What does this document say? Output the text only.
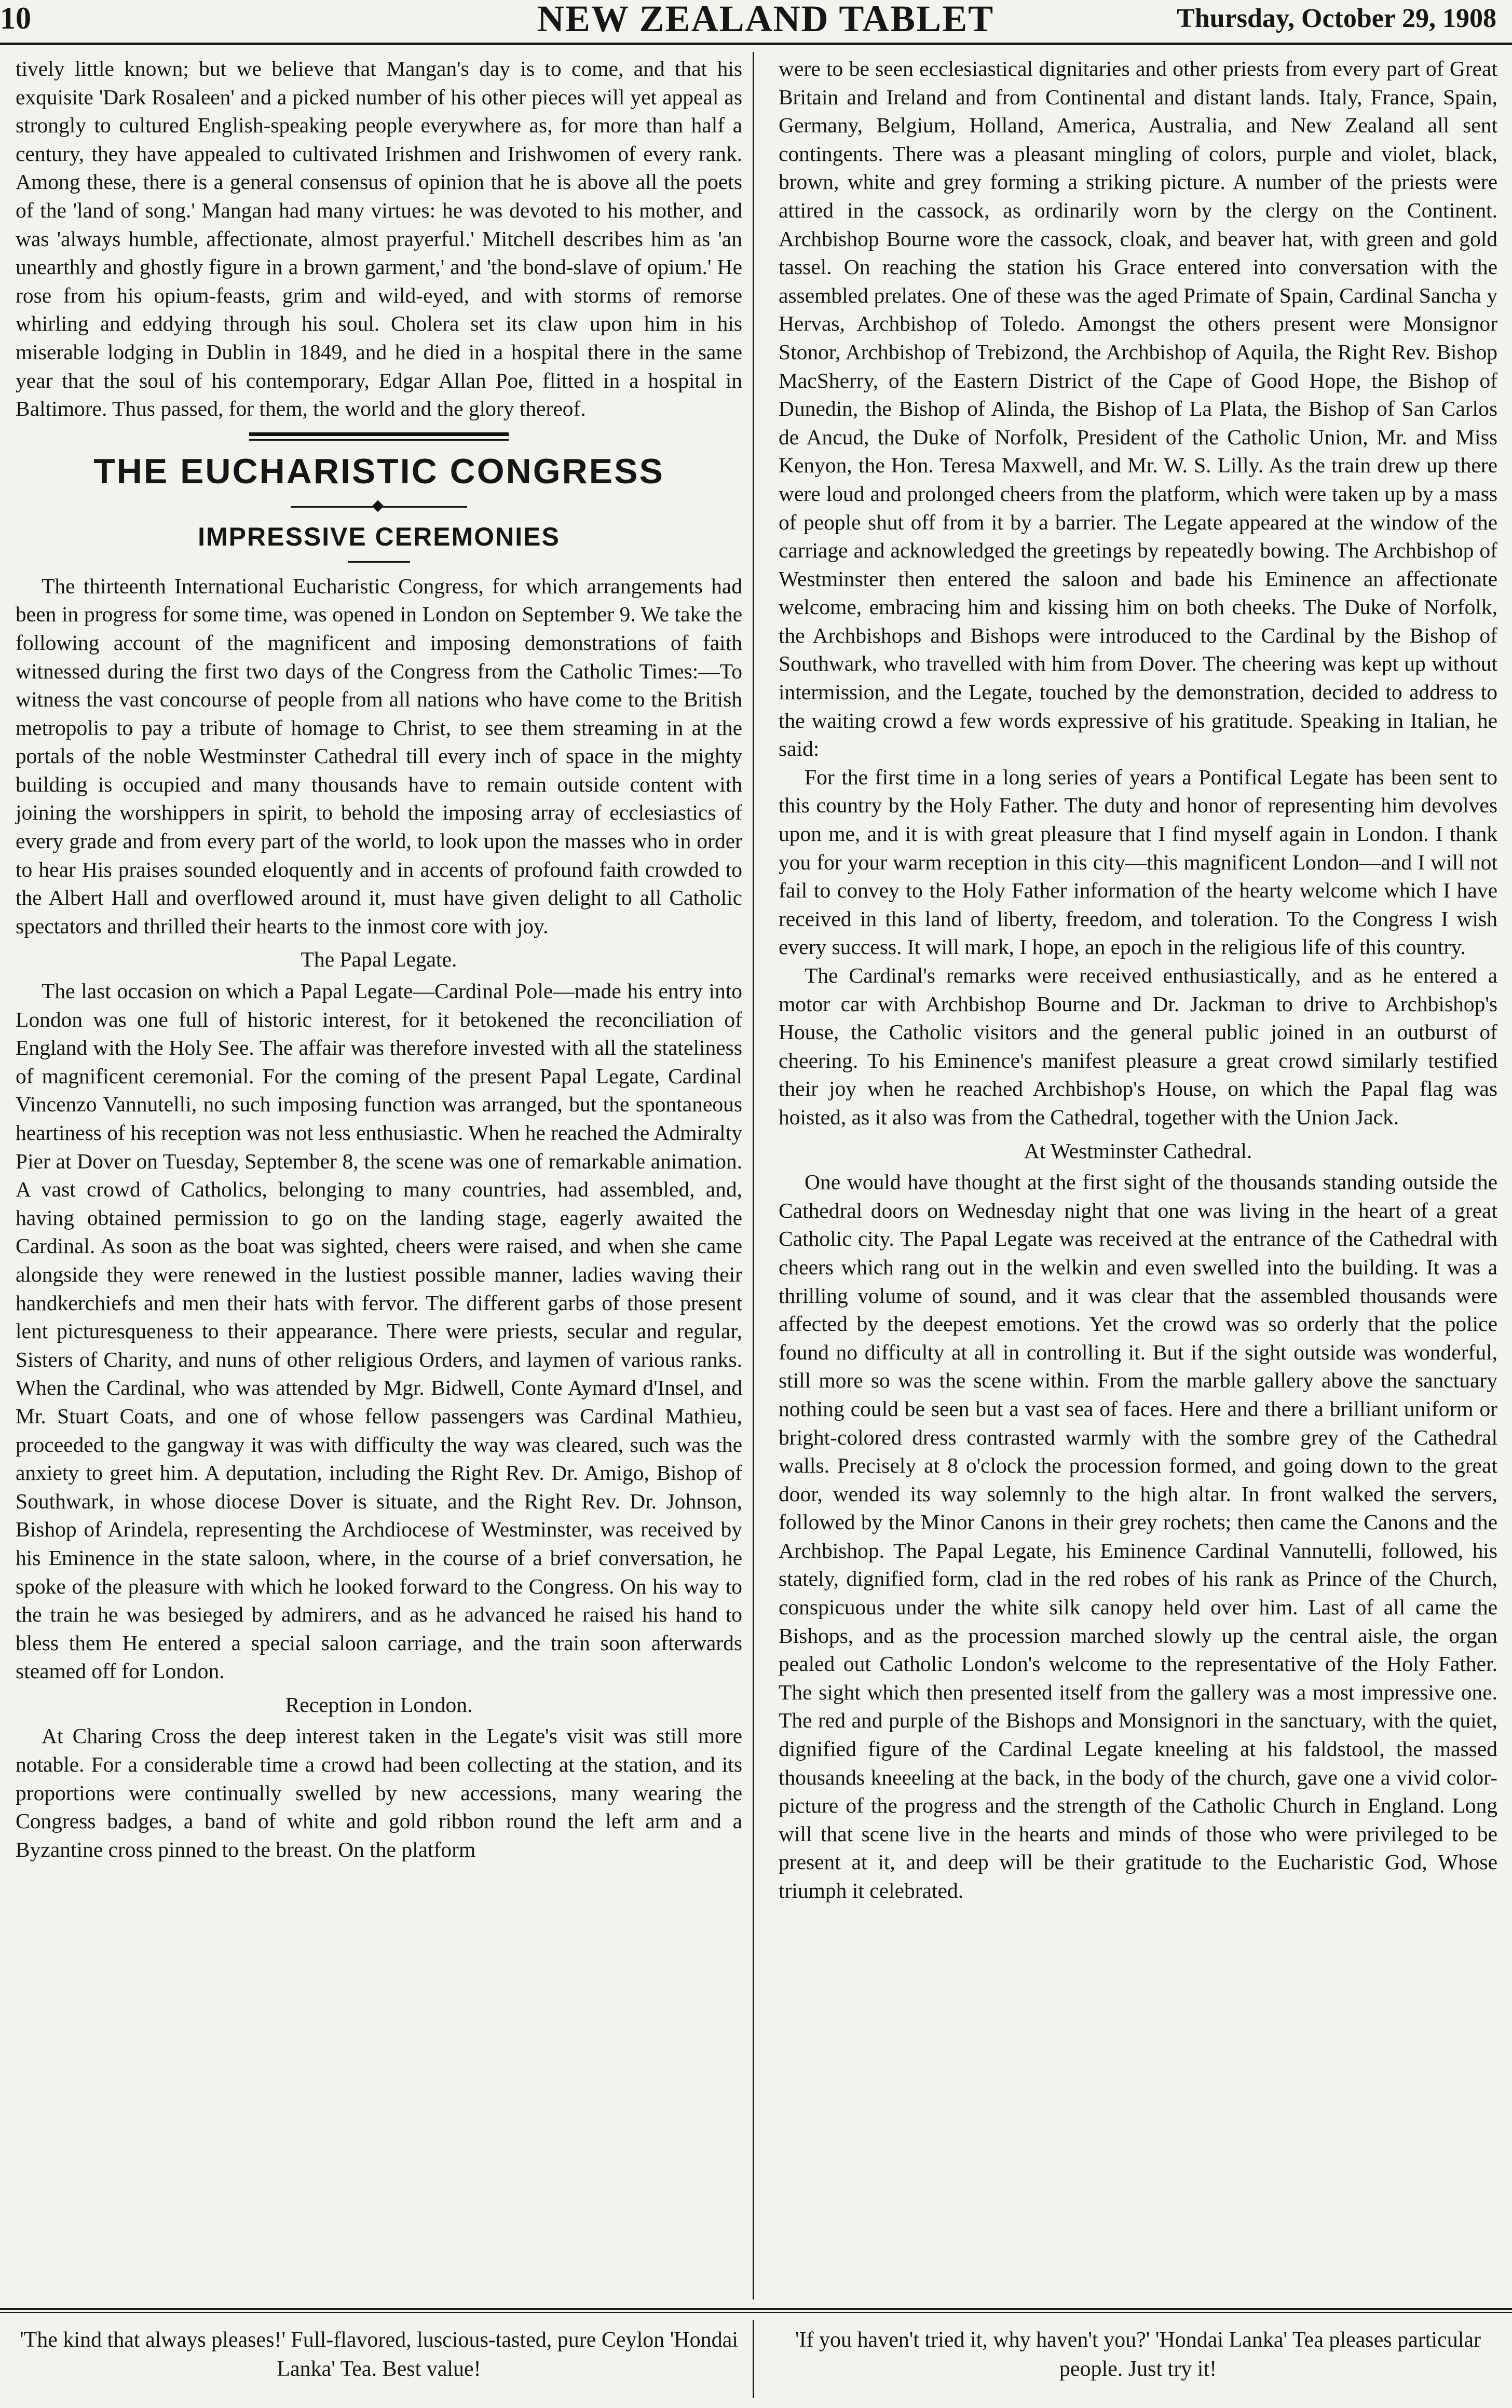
10	NEW ZEALAND TABLET	Thursday, October 29, 1908

tively little known; but we believe that Mangan's day is to come, and that his exquisite 'Dark Rosaleen' and a picked number of his other pieces will yet appeal as strongly to cultured English-speaking people everywhere as, for more than half a century, they have appealed to cultivated Irishmen and Irishwomen of every rank. Among these, there is a general consensus of opinion that he is above all the poets of the 'land of song.' Mangan had many virtues: he was devoted to his mother, and was 'always humble, affectionate, almost prayerful.' Mitchell describes him as 'an unearthly and ghostly figure in a brown garment,' and 'the bond-slave of opium.' He rose from his opium-feasts, grim and wild-eyed, and with storms of remorse whirling and eddying through his soul. Cholera set its claw upon him in his miserable lodging in Dublin in 1849, and he died in a hospital there in the same year that the soul of his contemporary, Edgar Allan Poe, flitted in a hospital in Baltimore. Thus passed, for them, the world and the glory thereof.

THE EUCHARISTIC CONGRESS
IMPRESSIVE CEREMONIES

The thirteenth International Eucharistic Congress, for which arrangements had been in progress for some time, was opened in London on September 9. We take the following account of the magnificent and imposing demonstrations of faith witnessed during the first two days of the Congress from the Catholic Times:—To witness the vast concourse of people from all nations who have come to the British metropolis to pay a tribute of homage to Christ, to see them streaming in at the portals of the noble Westminster Cathedral till every inch of space in the mighty building is occupied and many thousands have to remain outside content with joining the worshippers in spirit, to behold the imposing array of ecclesiastics of every grade and from every part of the world, to look upon the masses who in order to hear His praises sounded eloquently and in accents of profound faith crowded to the Albert Hall and overflowed around it, must have given delight to all Catholic spectators and thrilled their hearts to the inmost core with joy.

The Papal Legate.

The last occasion on which a Papal Legate—Cardinal Pole—made his entry into London was one full of historic interest, for it betokened the reconciliation of England with the Holy See. The affair was therefore invested with all the stateliness of magnificent ceremonial. For the coming of the present Papal Legate, Cardinal Vincenzo Vannutelli, no such imposing function was arranged, but the spontaneous heartiness of his reception was not less enthusiastic. When he reached the Admiralty Pier at Dover on Tuesday, September 8, the scene was one of remarkable animation. A vast crowd of Catholics, belonging to many countries, had assembled, and, having obtained permission to go on the landing stage, eagerly awaited the Cardinal. As soon as the boat was sighted, cheers were raised, and when she came alongside they were renewed in the lustiest possible manner, ladies waving their handkerchiefs and men their hats with fervor. The different garbs of those present lent picturesqueness to their appearance. There were priests, secular and regular, Sisters of Charity, and nuns of other religious Orders, and laymen of various ranks. When the Cardinal, who was attended by Mgr. Bidwell, Conte Aymard d'Insel, and Mr. Stuart Coats, and one of whose fellow passengers was Cardinal Mathieu, proceeded to the gangway it was with difficulty the way was cleared, such was the anxiety to greet him. A deputation, including the Right Rev. Dr. Amigo, Bishop of Southwark, in whose diocese Dover is situate, and the Right Rev. Dr. Johnson, Bishop of Arindela, representing the Archdiocese of Westminster, was received by his Eminence in the state saloon, where, in the course of a brief conversation, he spoke of the pleasure with which he looked forward to the Congress. On his way to the train he was besieged by admirers, and as he advanced he raised his hand to bless them He entered a special saloon carriage, and the train soon afterwards steamed off for London.

Reception in London.

At Charing Cross the deep interest taken in the Legate's visit was still more notable. For a considerable time a crowd had been collecting at the station, and its proportions were continually swelled by new accessions, many wearing the Congress badges, a band of white and gold ribbon round the left arm and a Byzantine cross pinned to the breast. On the platform

were to be seen ecclesiastical dignitaries and other priests from every part of Great Britain and Ireland and from Continental and distant lands. Italy, France, Spain, Germany, Belgium, Holland, America, Australia, and New Zealand all sent contingents. There was a pleasant mingling of colors, purple and violet, black, brown, white and grey forming a striking picture. A number of the priests were attired in the cassock, as ordinarily worn by the clergy on the Continent. Archbishop Bourne wore the cassock, cloak, and beaver hat, with green and gold tassel. On reaching the station his Grace entered into conversation with the assembled prelates. One of these was the aged Primate of Spain, Cardinal Sancha y Hervas, Archbishop of Toledo. Amongst the others present were Monsignor Stonor, Archbishop of Trebizond, the Archbishop of Aquila, the Right Rev. Bishop MacSherry, of the Eastern District of the Cape of Good Hope, the Bishop of Dunedin, the Bishop of Alinda, the Bishop of La Plata, the Bishop of San Carlos de Ancud, the Duke of Norfolk, President of the Catholic Union, Mr. and Miss Kenyon, the Hon. Teresa Maxwell, and Mr. W. S. Lilly. As the train drew up there were loud and prolonged cheers from the platform, which were taken up by a mass of people shut off from it by a barrier. The Legate appeared at the window of the carriage and acknowledged the greetings by repeatedly bowing. The Archbishop of Westminster then entered the saloon and bade his Eminence an affectionate welcome, embracing him and kissing him on both cheeks. The Duke of Norfolk, the Archbishops and Bishops were introduced to the Cardinal by the Bishop of Southwark, who travelled with him from Dover. The cheering was kept up without intermission, and the Legate, touched by the demonstration, decided to address to the waiting crowd a few words expressive of his gratitude. Speaking in Italian, he said:

For the first time in a long series of years a Pontifical Legate has been sent to this country by the Holy Father. The duty and honor of representing him devolves upon me, and it is with great pleasure that I find myself again in London. I thank you for your warm reception in this city—this magnificent London—and I will not fail to convey to the Holy Father information of the hearty welcome which I have received in this land of liberty, freedom, and toleration. To the Congress I wish every success. It will mark, I hope, an epoch in the religious life of this country.

The Cardinal's remarks were received enthusiastically, and as he entered a motor car with Archbishop Bourne and Dr. Jackman to drive to Archbishop's House, the Catholic visitors and the general public joined in an outburst of cheering. To his Eminence's manifest pleasure a great crowd similarly testified their joy when he reached Archbishop's House, on which the Papal flag was hoisted, as it also was from the Cathedral, together with the Union Jack.

At Westminster Cathedral.

One would have thought at the first sight of the thousands standing outside the Cathedral doors on Wednesday night that one was living in the heart of a great Catholic city. The Papal Legate was received at the entrance of the Cathedral with cheers which rang out in the welkin and even swelled into the building. It was a thrilling volume of sound, and it was clear that the assembled thousands were affected by the deepest emotions. Yet the crowd was so orderly that the police found no difficulty at all in controlling it. But if the sight outside was wonderful, still more so was the scene within. From the marble gallery above the sanctuary nothing could be seen but a vast sea of faces. Here and there a brilliant uniform or bright-colored dress contrasted warmly with the sombre grey of the Cathedral walls. Precisely at 8 o'clock the procession formed, and going down to the great door, wended its way solemnly to the high altar. In front walked the servers, followed by the Minor Canons in their grey rochets; then came the Canons and the Archbishop. The Papal Legate, his Eminence Cardinal Vannutelli, followed, his stately, dignified form, clad in the red robes of his rank as Prince of the Church, conspicuous under the white silk canopy held over him. Last of all came the Bishops, and as the procession marched slowly up the central aisle, the organ pealed out Catholic London's welcome to the representative of the Holy Father. The sight which then presented itself from the gallery was a most impressive one. The red and purple of the Bishops and Monsignori in the sanctuary, with the quiet, dignified figure of the Cardinal Legate kneeling at his faldstool, the massed thousands kneeeling at the back, in the body of the church, gave one a vivid color-picture of the progress and the strength of the Catholic Church in England. Long will that scene live in the hearts and minds of those who were privileged to be present at it, and deep will be their gratitude to the Eucharistic God, Whose triumph it celebrated.

'The kind that always pleases!' Full-flavored, luscious-tasted, pure Ceylon 'Hondai Lanka' Tea. Best value!
'If you haven't tried it, why haven't you?' 'Hondai Lanka' Tea pleases particular people. Just try it!
